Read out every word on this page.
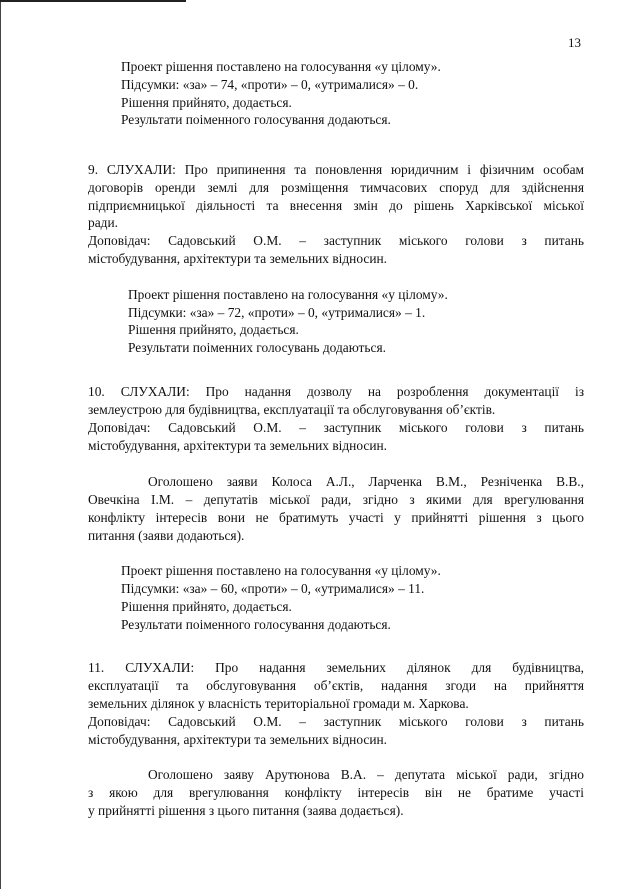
13
Проект рішення поставлено на голосування «у цілому».
Підсумки: «за» – 74, «проти» – 0, «утрималися» – 0.
Рішення прийнято, додається.
Результати поіменного голосування додаються.
9. СЛУХАЛИ: Про припинення та поновлення юридичним і фізичним особам
договорів оренди землі для розміщення тимчасових споруд для здійснення
підприємницької діяльності та внесення змін до рішень Харківської міської
ради.
Доповідач: Садовський О.М. – заступник міського голови з питань
містобудування, архітектури та земельних відносин.
Проект рішення поставлено на голосування «у цілому».
Підсумки: «за» – 72, «проти» – 0, «утрималися» – 1.
Рішення прийнято, додається.
Результати поіменних голосувань додаються.
10. СЛУХАЛИ: Про надання дозволу на розроблення документації із
землеустрою для будівництва, експлуатації та обслуговування об’єктів.
Доповідач: Садовський О.М. – заступник міського голови з питань
містобудування, архітектури та земельних відносин.
Оголошено заяви Колоса А.Л., Ларченка В.М., Резніченка В.В.,
Овечкіна І.М. – депутатів міської ради, згідно з якими для врегулювання
конфлікту інтересів вони не братимуть участі у прийнятті рішення з цього
питання (заяви додаються).
Проект рішення поставлено на голосування «у цілому».
Підсумки: «за» – 60, «проти» – 0, «утрималися» – 11.
Рішення прийнято, додається.
Результати поіменного голосування додаються.
11. СЛУХАЛИ: Про надання земельних ділянок для будівництва,
експлуатації та обслуговування об’єктів, надання згоди на прийняття
земельних ділянок у власність територіальної громади м. Харкова.
Доповідач: Садовський О.М. – заступник міського голови з питань
містобудування, архітектури та земельних відносин.
Оголошено заяву Арутюнова В.А. – депутата міської ради, згідно
з якою для врегулювання конфлікту інтересів він не братиме участі
у прийнятті рішення з цього питання (заява додається).
